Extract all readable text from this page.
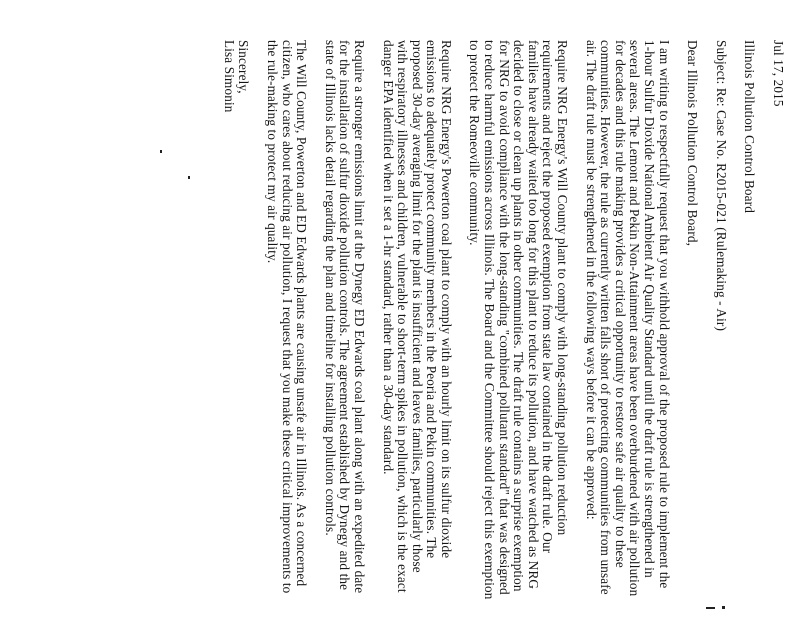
Jul 17, 2015

Illinois Pollution Control Board

Subject: Re: Case No. R2015-021 (Rulemaking - Air)

Dear Illinois Pollution Control Board,

I am writing to respectfully request that you withhold approval of the proposed rule to implement the 1-hour Sulfur Dioxide National Ambient Air Quality Standard until the draft rule is strengthened in several areas. The Lemont and Pekin Non-Attainment areas have been overburdened with air pollution for decades and this rule making provides a critical opportunity to restore safe air quality to these communities. However, the rule as currently written falls short of protecting communities from unsafe air. The draft rule must be strengthened in the following ways before it can be approved:

Require NRG Energy's Will County plant to comply with long-standing pollution reduction requirements and reject the proposed exemption from state law contained in the draft rule. Our families have already waited too long for this plant to reduce its pollution, and have watched as NRG decided to close or clean up plants in other communities. The draft rule contains a surprise exemption for NRG to avoid compliance with the long-standing "combined pollutant standard" that was designed to reduce harmful emissions across Illinois. The Board and the Committee should reject this exemption to protect the Romeoville community.

Require NRG Energy's Powerton coal plant to comply with an hourly limit on its sulfur dioxide emissions to adequately protect community members in the Peoria and Pekin communities. The proposed 30-day averaging limit for the plant is insufficient and leaves families, particularly those with respiratory illnesses and children, vulnerable to short-term spikes in pollution, which is the exact danger EPA identified when it set a 1-hr standard, rather than a 30-day standard.

Require a stronger emissions limit at the Dynegy ED Edwards coal plant along with an expedited date for the installation of sulfur dioxide pollution controls. The agreement established by Dynegy and the state of Illinois lacks detail regarding the plan and timeline for installing pollution controls.

The Will County, Powerton and ED Edwards plants are causing unsafe air in Illinois. As a concerned citizen, who cares about reducing air pollution, I request that you make these critical improvements to the rule-making to protect my air quality.

Sincerely,

Lisa Simonin
